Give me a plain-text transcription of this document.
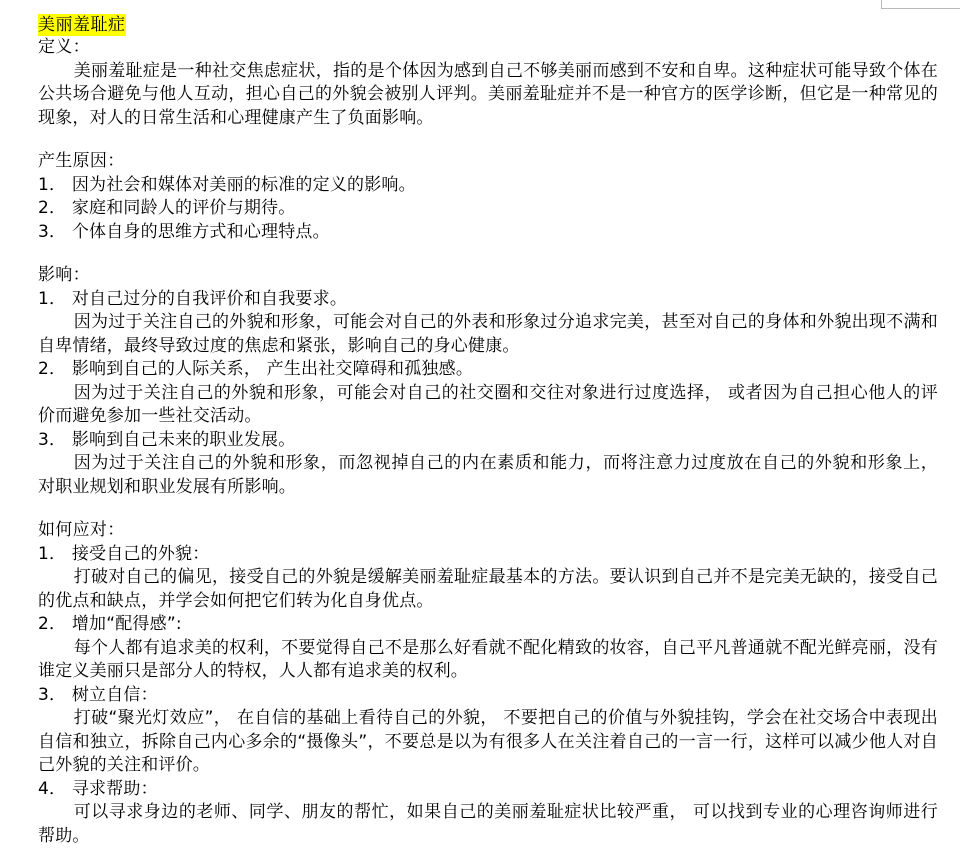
美丽羞耻症
定义：
美丽羞耻症是一种社交焦虑症状，指的是个体因为感到自己不够美丽而感到不安和自卑。这种症状可能导致个体在公共场合避免与他人互动，担心自己的外貌会被别人评判。美丽羞耻症并不是一种官方的医学诊断，但它是一种常见的现象，对人的日常生活和心理健康产生了负面影响。
产生原因：
1． 因为社会和媒体对美丽的标准的定义的影响。
2． 家庭和同龄人的评价与期待。
3． 个体自身的思维方式和心理特点。
影响：
1． 对自己过分的自我评价和自我要求。
因为过于关注自己的外貌和形象，可能会对自己的外表和形象过分追求完美，甚至对自己的身体和外貌出现不满和自卑情绪，最终导致过度的焦虑和紧张，影响自己的身心健康。
2． 影响到自己的人际关系， 产生出社交障碍和孤独感。
因为过于关注自己的外貌和形象，可能会对自己的社交圈和交往对象进行过度选择， 或者因为自己担心他人的评价而避免参加一些社交活动。
3． 影响到自己未来的职业发展。
因为过于关注自己的外貌和形象，而忽视掉自己的内在素质和能力，而将注意力过度放在自己的外貌和形象上， 对职业规划和职业发展有所影响。
如何应对：
1． 接受自己的外貌：
打破对自己的偏见，接受自己的外貌是缓解美丽羞耻症最基本的方法。要认识到自己并不是完美无缺的，接受自己的优点和缺点，并学会如何把它们转为化自身优点。
2． 增加“配得感”:
每个人都有追求美的权利，不要觉得自己不是那么好看就不配化精致的妆容，自己平凡普通就不配光鲜亮丽，没有谁定义美丽只是部分人的特权，人人都有追求美的权利。
3． 树立自信：
打破“聚光灯效应”， 在自信的基础上看待自己的外貌， 不要把自己的价值与外貌挂钩，学会在社交场合中表现出自信和独立，拆除自己内心多余的“摄像头”，不要总是以为有很多人在关注着自己的一言一行，这样可以减少他人对自己外貌的关注和评价。
4． 寻求帮助：
可以寻求身边的老师、同学、朋友的帮忙，如果自己的美丽羞耻症状比较严重， 可以找到专业的心理咨询师进行帮助。
